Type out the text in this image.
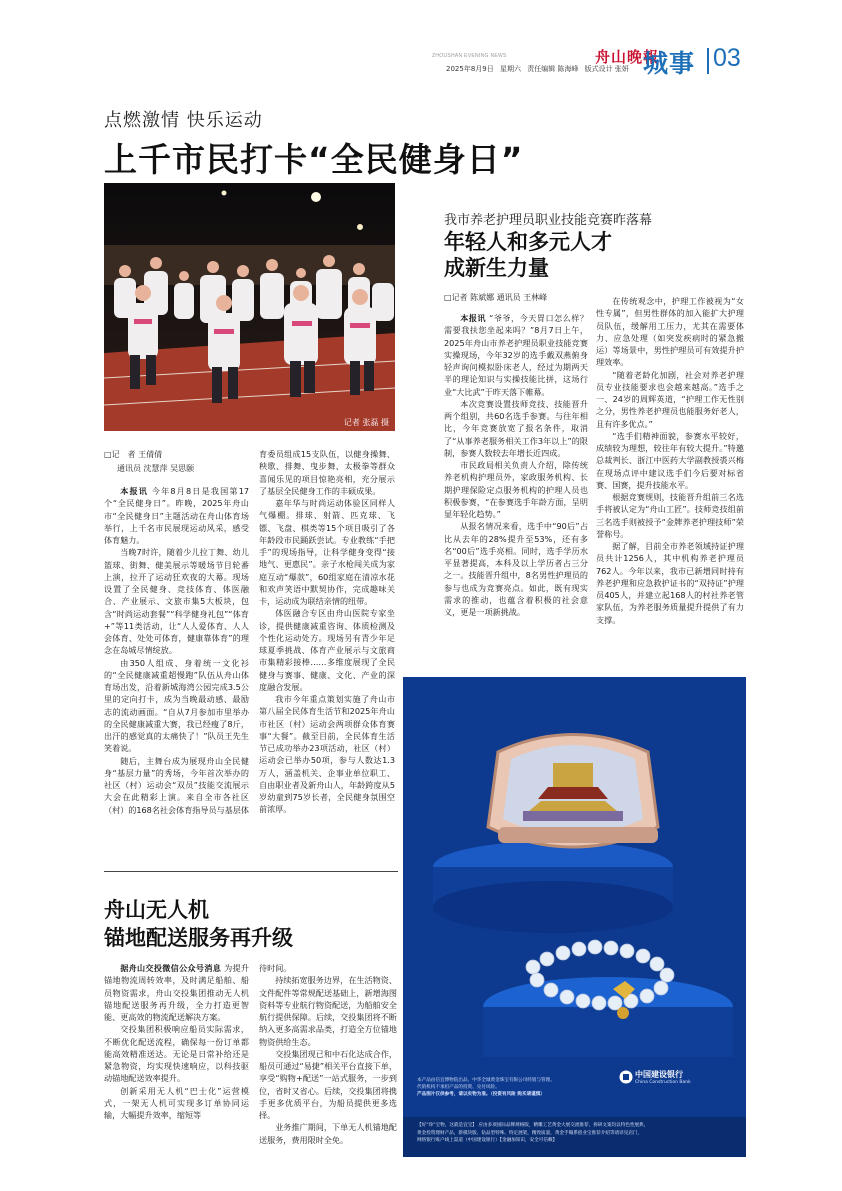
ZHOUSHAN EVENING NEWS	舟山晚報
2025年8月9日 星期六 责任编辑 陈海峰 版式设计 张妍 城事 03
点燃激情 快乐运动
上千市民打卡“全民健身日”
记者 张磊 摄
□记　者 王倩倩
通讯员 沈慧萍 吴思颐

本报讯 今年8月8日是我国第17个“全民健身日”。昨晚，2025年舟山市“全民健身日”主题活动在舟山体育场举行，上千名市民展现运动风采，感受体育魅力。

当晚7时许，随着少儿拉丁舞、幼儿篮球、街舞、健美展示等暖场节目轮番上演，拉开了运动狂欢夜的大幕。现场设置了全民健身、竞技体育、体医融合、产业展示、文旅市集5大板块，包含“时尚运动套餐”“科学健身礼包”“体育+”等11类活动，让“人人爱体育、人人会体育、处处可体育，健康靠体育”的理念在岛城尽情绽放。

由350人组成、身着统一文化衫的“全民健康减重超慢跑”队伍从舟山体育场出发，沿着新城海湾公园完成3.5公里的定向打卡，成为当晚最动感、最励志的流动画面。“自从7月参加市里举办的全民健康减重大赛，我已经瘦了8斤，出汗的感觉真的太痛快了！”队员王先生笑着说。

随后，主舞台成为展现舟山全民健身“基层力量”的秀场，今年首次举办的社区（村）运动会“双员”技能交流展示大会在此精彩上演。来自全市各社区（村）的168名社会体育指导员与基层体

育委员组成15支队伍，以健身操舞、秧歌、排舞、曳步舞、太极拳等群众喜闻乐见的项目惊艳亮相，充分展示了基层全民健身工作的丰硕成果。

嘉年华与时尚运动体验区同样人气爆棚。排球、射箭、匹克球、飞镖、飞盘、棋类等15个项目吸引了各年龄段市民踊跃尝试。专业教练“手把手”的现场指导，让科学健身变得“接地气、更惠民”。亲子水枪闯关成为家庭互动“爆款”，60组家庭在清凉水花和欢声笑语中默契协作，完成趣味关卡，运动成为联结亲情的纽带。

体医融合专区由舟山医院专家坐诊，提供健康减重咨询、体质检测及个性化运动处方。现场另有青少年足球夏季挑战、体育产业展示与文旅商市集精彩接棒……多维度展现了全民健身与赛事、健康、文化、产业的深度融合发展。

我市今年重点策划实施了舟山市第八届全民体育生活节和2025年舟山市社区（村）运动会两项群众体育赛事“大餐”。截至目前，全民体育生活节已成功举办23项活动，社区（村）运动会已举办50项，参与人数达1.3万人，涵盖机关、企事业单位职工、自由职业者及新舟山人，年龄跨度从5岁幼童到75岁长者，全民健身氛围空前浓厚。

我市养老护理员职业技能竞赛昨落幕
年轻人和多元人才
成新生力量
□记者 陈斌娜 通讯员 王林峰

本报讯 “爷爷，今天胃口怎么样？需要我扶您坐起来吗？”8月7日上午，2025年舟山市养老护理员职业技能竞赛实操现场，今年32岁的选手戴双燕俯身轻声询问模拟卧床老人，经过为期两天半的理论知识与实操技能比拼，这场行业“大比武”于昨天落下帷幕。

本次竞赛设置技师竞技、技能晋升两个组别，共60名选手参赛。与往年相比，今年竞赛放宽了报名条件，取消了“从事养老服务相关工作3年以上”的限制，参赛人数较去年增长近四成。

市民政局相关负责人介绍，除传统养老机构护理员外，家政服务机构、长期护理保险定点服务机构的护理人员也积极参赛，“在参赛选手年龄方面，呈明显年轻化趋势。”

从报名情况来看，选手中“90后”占比从去年的28%提升至53%，还有多名“00后”选手亮相。同时，选手学历水平显著提高，本科及以上学历者占三分之一。技能晋升组中，8名男性护理员的参与也成为竞赛亮点。如此，既有现实需求的推动，也蕴含着积极的社会意义，更是一项新挑战。

在传统观念中，护理工作被视为“女性专属”，但男性群体的加入能扩大护理员队伍，缓解用工压力，尤其在需要体力、应急处理（如突发疾病时的紧急搬运）等场景中，男性护理员可有效提升护理效率。

“随着老龄化加剧，社会对养老护理员专业技能要求也会越来越高。”选手之一、24岁的周辉英道，“护理工作无性别之分，男性养老护理员也能服务好老人，且有许多优点。”

“选手们精神面貌，参赛水平较好，成绩较为理想，较往年有较大提升。”特邀总裁判长、浙江中医药大学副教授裘兴梅在现场点评中建议选手们今后要对标省赛、国赛，提升技能水平。

根据竞赛规则，技能晋升组前三名选手将被认定为“舟山工匠”。技师竞技组前三名选手则被授予“金牌养老护理技师”荣誉称号。

据了解，目前全市养老领域持证护理员共计1256人，其中机构养老护理员762人。今年以来，我市已新增同时持有养老护理和应急救护证书的“双持证”护理员405人，并建立起168人的村社养老管家队伍，为养老服务质量提升提供了有力支撑。

舟山无人机
锚地配送服务再升级

据舟山交投微信公众号消息 为提升锚地物流周转效率，及时满足船舶、船员物资需求，舟山交投集团推动无人机锚地配送服务再升级，全力打造更智能、更高效的物流配送解决方案。

交投集团积极响应船员实际需求，不断优化配送流程，确保每一份订单都能高效精准送达。无论是日常补给还是紧急物资，均实现快速响应，以科技驱动锚地配送效率提升。

创新采用无人机“巴士化”运营模式，一架无人机可实现多订单协同运输，大幅提升效率，缩短等

待时间。

持续拓宽服务边界，在生活物资、文件配件等常规配送基础上，新增海图资料等专业航行物资配送，为船舶安全航行提供保障。后续，交投集团将不断纳入更多高需求品类，打造全方位锚地物资供给生态。

交投集团现已和中石化达成合作，船员可通过“易捷”相关平台直接下单，享受“购物+配送”一站式服务，一步到位，省时又省心。后续，交投集团将携手更多优质平台，为船员提供更多选择。

业务推广期间，下单无人机锚地配送服务，费用限时全免。

本产品由信宜博物院出品，中华全城黄金珠宝有限公司经销与管理。
代销机构不承担产品的投资、兑付风险。
产品图片仅供参考，请以实物为准。（投资有风险 购买请谨慎）
中国建设银行
China Construction Bank
【好“珍”宝物，这就是宜宝】 应由多项国际品牌规格版，精雕工艺黄金大展交流推荐，拆研文案均以特色性展典，
黄金投资理财产品，新模块版、钻品型特殊、特定展架，精致质量，黄金手镯系创业宝推荐介绍等请详见店门，
网络银行账户线上渠道（中国建设银行）【金融加知识，安全可信赖】
